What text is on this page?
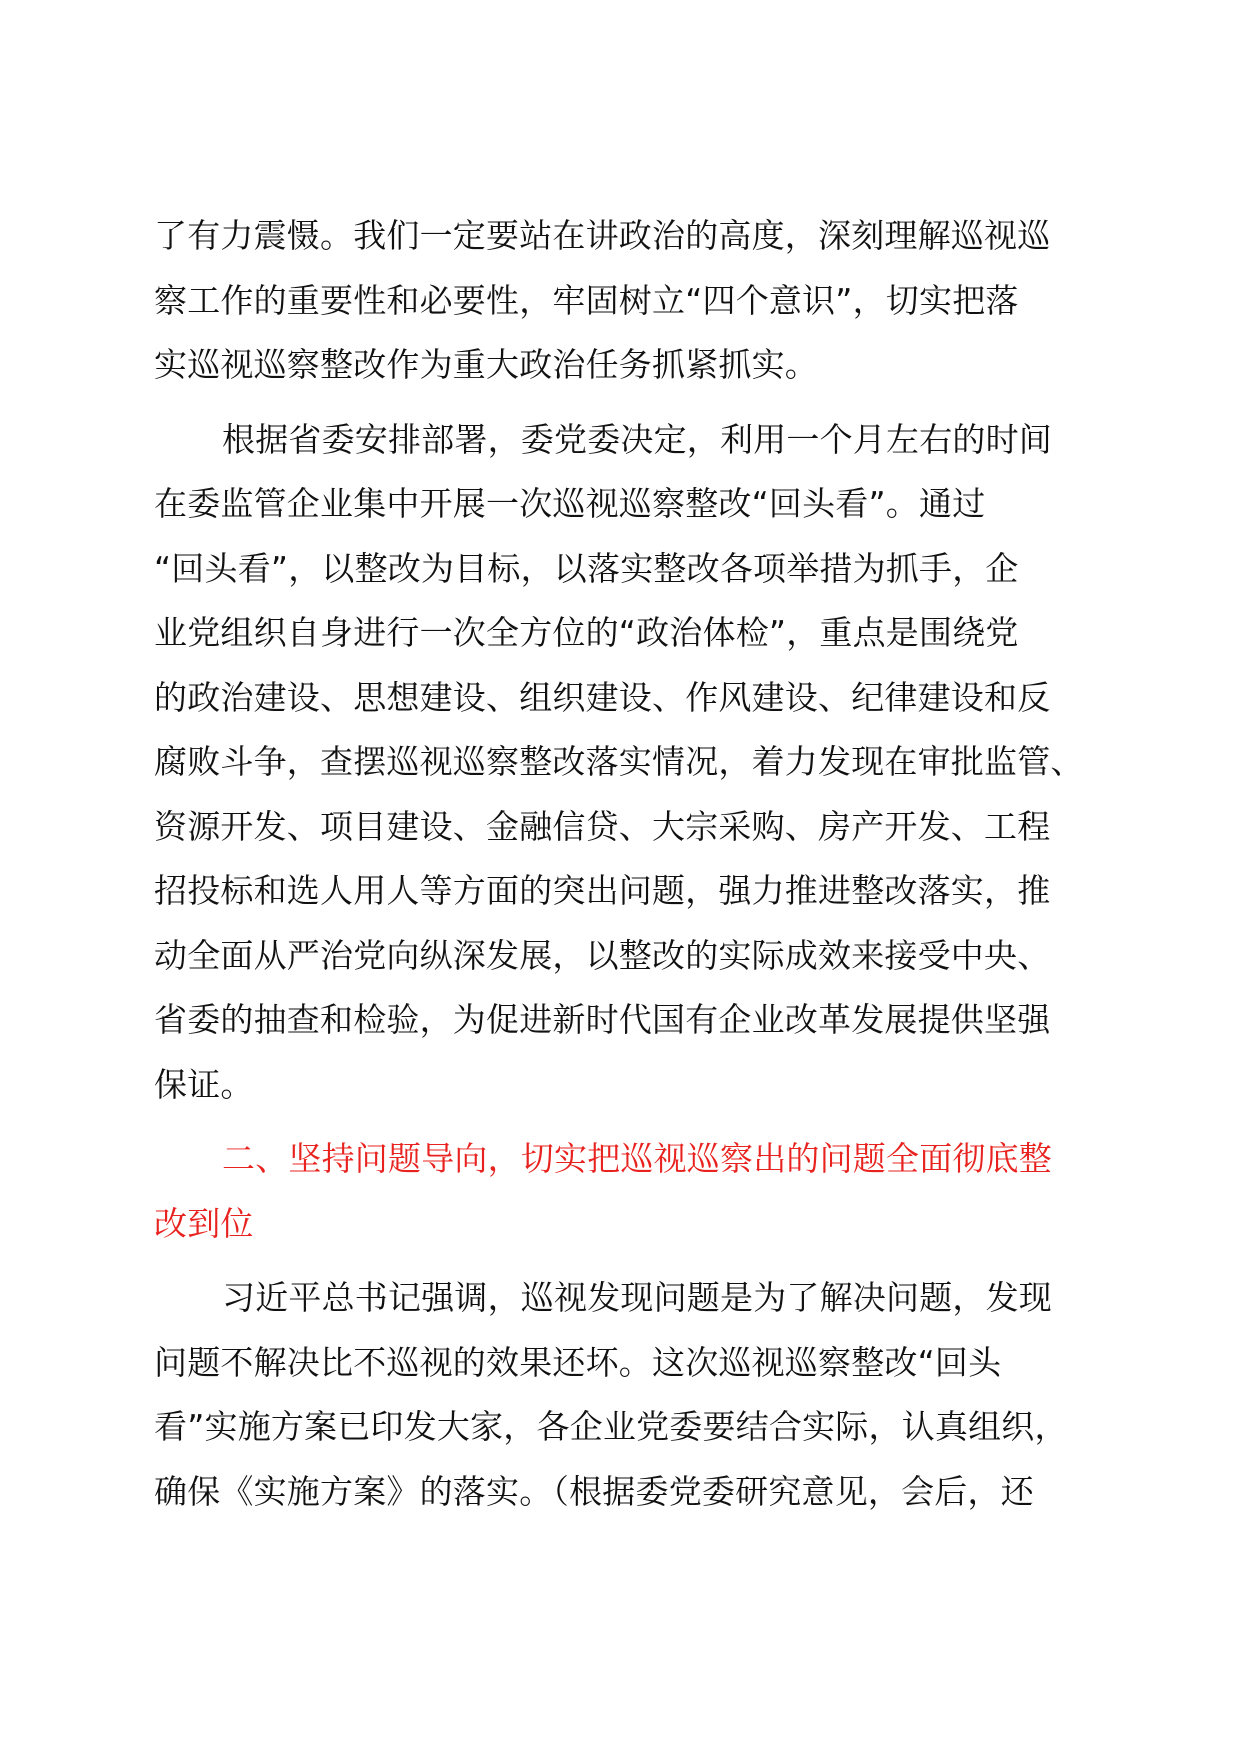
了有力震慑。我们一定要站在讲政治的高度，深刻理解巡视巡
察工作的重要性和必要性，牢固树立“四个意识”，切实把落
实巡视巡察整改作为重大政治任务抓紧抓实。

根据省委安排部署，委党委决定，利用一个月左右的时间
在委监管企业集中开展一次巡视巡察整改“回头看”。通过
“回头看”，以整改为目标，以落实整改各项举措为抓手，企
业党组织自身进行一次全方位的“政治体检”，重点是围绕党
的政治建设、思想建设、组织建设、作风建设、纪律建设和反
腐败斗争，查摆巡视巡察整改落实情况，着力发现在审批监管、
资源开发、项目建设、金融信贷、大宗采购、房产开发、工程
招投标和选人用人等方面的突出问题，强力推进整改落实，推
动全面从严治党向纵深发展，以整改的实际成效来接受中央、
省委的抽查和检验，为促进新时代国有企业改革发展提供坚强
保证。

二、坚持问题导向，切实把巡视巡察出的问题全面彻底整
改到位

习近平总书记强调，巡视发现问题是为了解决问题，发现
问题不解决比不巡视的效果还坏。这次巡视巡察整改“回头
看”实施方案已印发大家，各企业党委要结合实际，认真组织，
确保《实施方案》的落实。（根据委党委研究意见，会后，还
